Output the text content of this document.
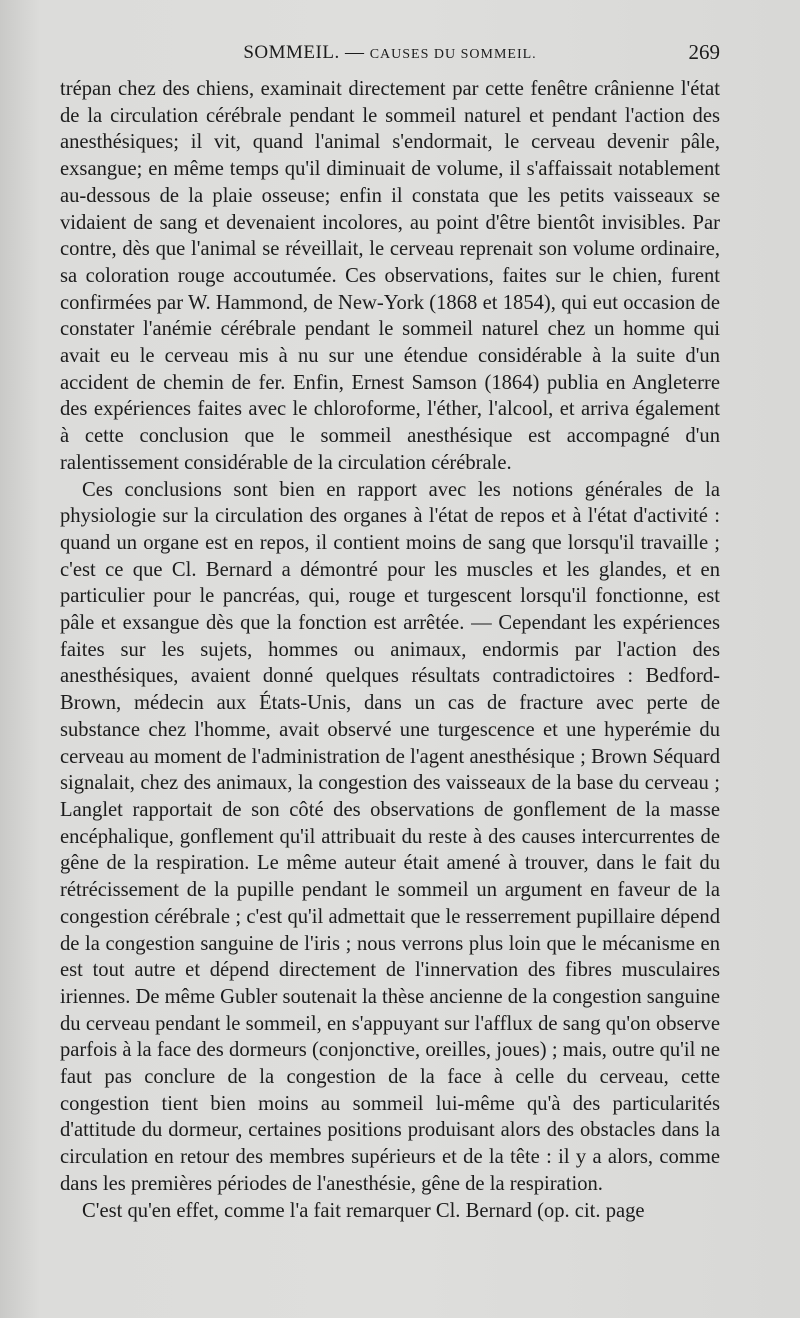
SOMMEIL. — CAUSES DU SOMMEIL.	269

trépan chez des chiens, examinait directement par cette fenêtre crânienne l'état de la circulation cérébrale pendant le sommeil naturel et pendant l'action des anesthésiques; il vit, quand l'animal s'endormait, le cerveau devenir pâle, exsangue; en même temps qu'il diminuait de volume, il s'affaissait notablement au-dessous de la plaie osseuse; enfin il constata que les petits vaisseaux se vidaient de sang et devenaient incolores, au point d'être bientôt invisibles. Par contre, dès que l'animal se réveillait, le cerveau reprenait son volume ordinaire, sa coloration rouge accoutumée. Ces observations, faites sur le chien, furent confirmées par W. Hammond, de New-York (1868 et 1854), qui eut occasion de constater l'anémie cérébrale pendant le sommeil naturel chez un homme qui avait eu le cerveau mis à nu sur une étendue considérable à la suite d'un accident de chemin de fer. Enfin, Ernest Samson (1864) publia en Angleterre des expériences faites avec le chloroforme, l'éther, l'alcool, et arriva également à cette conclusion que le sommeil anesthésique est accompagné d'un ralentissement considérable de la circulation cérébrale.

Ces conclusions sont bien en rapport avec les notions générales de la physiologie sur la circulation des organes à l'état de repos et à l'état d'activité : quand un organe est en repos, il contient moins de sang que lorsqu'il travaille ; c'est ce que Cl. Bernard a démontré pour les muscles et les glandes, et en particulier pour le pancréas, qui, rouge et turgescent lorsqu'il fonctionne, est pâle et exsangue dès que la fonction est arrêtée. — Cependant les expériences faites sur les sujets, hommes ou animaux, endormis par l'action des anesthésiques, avaient donné quelques résultats contradictoires : Bedford-Brown, médecin aux États-Unis, dans un cas de fracture avec perte de substance chez l'homme, avait observé une turgescence et une hyperémie du cerveau au moment de l'administration de l'agent anesthésique ; Brown Séquard signalait, chez des animaux, la congestion des vaisseaux de la base du cerveau ; Langlet rapportait de son côté des observations de gonflement de la masse encéphalique, gonflement qu'il attribuait du reste à des causes intercurrentes de gêne de la respiration. Le même auteur était amené à trouver, dans le fait du rétrécissement de la pupille pendant le sommeil un argument en faveur de la congestion cérébrale ; c'est qu'il admettait que le resserrement pupillaire dépend de la congestion sanguine de l'iris ; nous verrons plus loin que le mécanisme en est tout autre et dépend directement de l'innervation des fibres musculaires iriennes. De même Gubler soutenait la thèse ancienne de la congestion sanguine du cerveau pendant le sommeil, en s'appuyant sur l'afflux de sang qu'on observe parfois à la face des dormeurs (conjonctive, oreilles, joues) ; mais, outre qu'il ne faut pas conclure de la congestion de la face à celle du cerveau, cette congestion tient bien moins au sommeil lui-même qu'à des particularités d'attitude du dormeur, certaines positions produisant alors des obstacles dans la circulation en retour des membres supérieurs et de la tête : il y a alors, comme dans les premières périodes de l'anesthésie, gêne de la respiration.

C'est qu'en effet, comme l'a fait remarquer Cl. Bernard (op. cit. page
